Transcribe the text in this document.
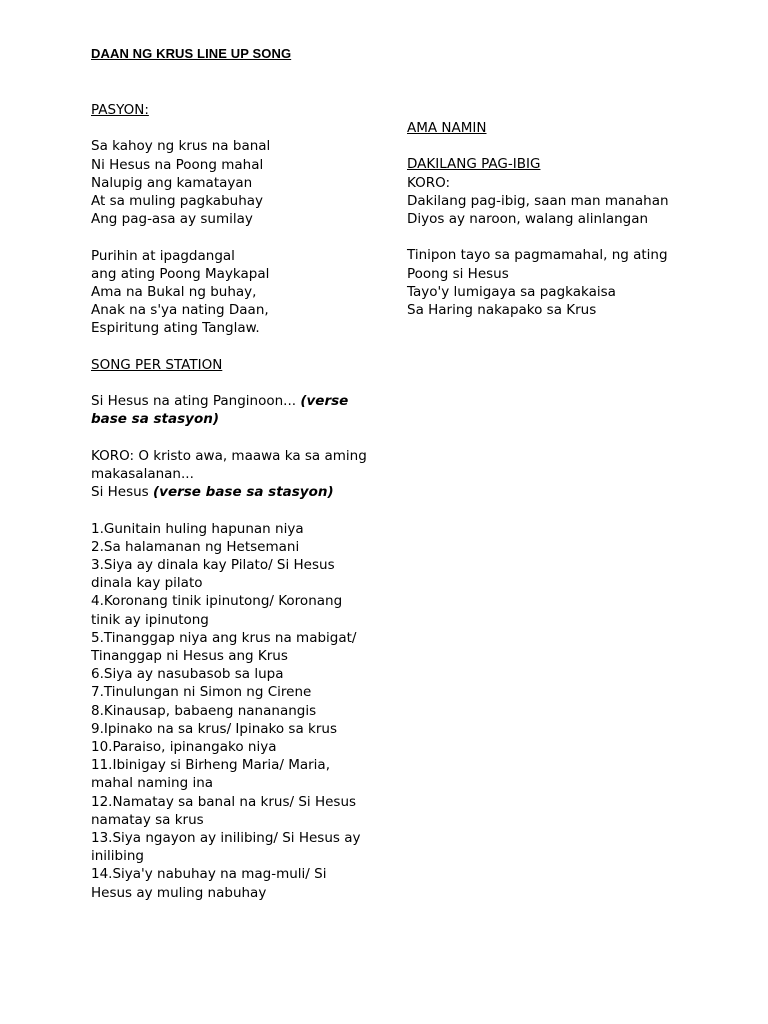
DAAN NG KRUS LINE UP SONG

PASYON:

Sa kahoy ng krus na banal

Ni Hesus na Poong mahal

Nalupig ang kamatayan

At sa muling pagkabuhay

Ang pag-asa ay sumilay

Purihin at ipagdangal

ang ating Poong Maykapal

Ama na Bukal ng buhay,

Anak na s'ya nating Daan,

Espiritung ating Tanglaw.

SONG PER STATION

Si Hesus na ating Panginoon... (verse base sa stasyon)

KORO: O kristo awa, maawa ka sa aming makasalanan...

Si Hesus (verse base sa stasyon)

1.Gunitain huling hapunan niya
2.Sa halamanan ng Hetsemani
3.Siya ay dinala kay Pilato/ Si Hesus dinala kay pilato
4.Koronang tinik ipinutong/ Koronang tinik ay ipinutong
5.Tinanggap niya ang krus na mabigat/ Tinanggap ni Hesus ang Krus
6.Siya ay nasubasob sa lupa
7.Tinulungan ni Simon ng Cirene
8.Kinausap, babaeng nananangis
9.Ipinako na sa krus/ Ipinako sa krus
10.Paraiso, ipinangako niya
11.Ibinigay si Birheng Maria/ Maria, mahal naming ina
12.Namatay sa banal na krus/ Si Hesus namatay sa krus
13.Siya ngayon ay inilibing/ Si Hesus ay inilibing
14.Siya'y nabuhay na mag-muli/ Si Hesus ay muling nabuhay

AMA NAMIN

DAKILANG PAG-IBIG

KORO:

Dakilang pag-ibig, saan man manahan

Diyos ay naroon, walang alinlangan

Tinipon tayo sa pagmamahal, ng ating Poong si Hesus

Tayo'y lumigaya sa pagkakaisa

Sa Haring nakapako sa Krus
